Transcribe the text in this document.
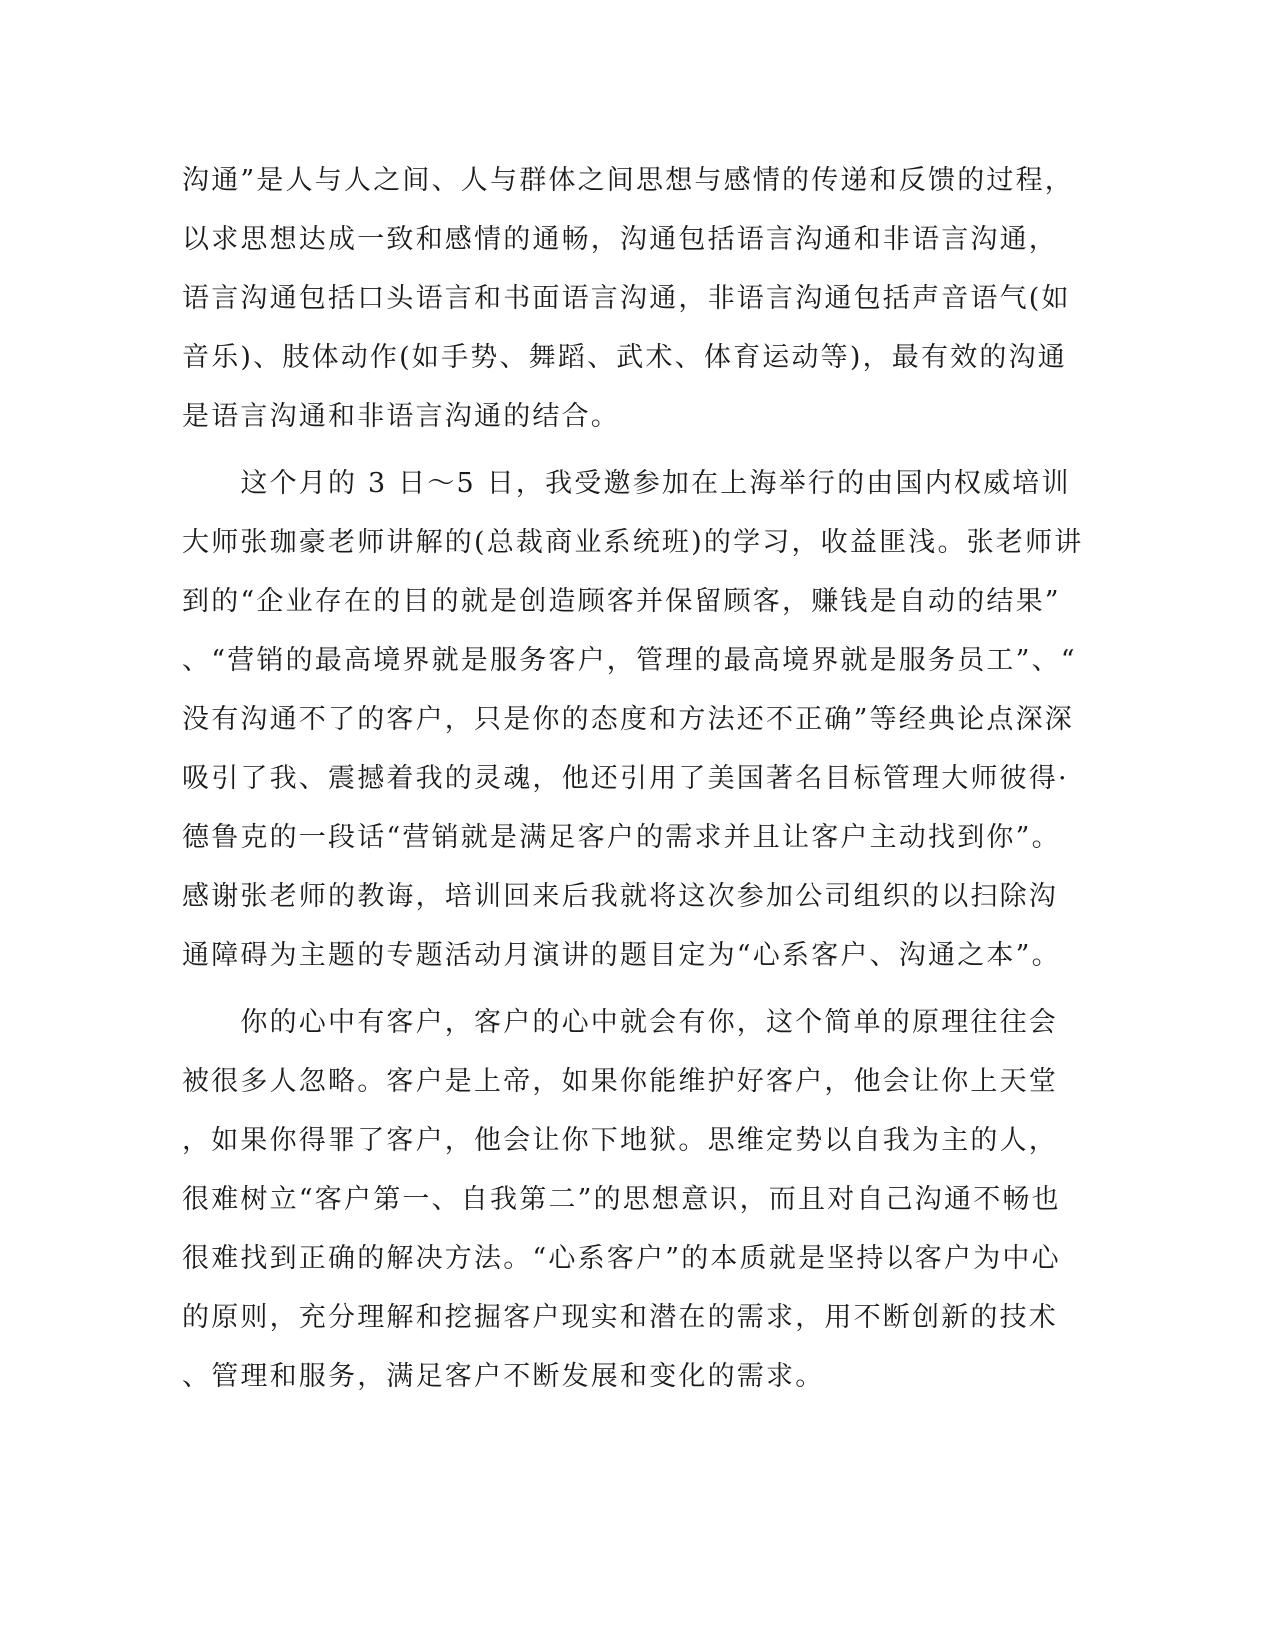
沟通”是人与人之间、人与群体之间思想与感情的传递和反馈的过程，
以求思想达成一致和感情的通畅，沟通包括语言沟通和非语言沟通，
语言沟通包括口头语言和书面语言沟通，非语言沟通包括声音语气(如
音乐)、肢体动作(如手势、舞蹈、武术、体育运动等)，最有效的沟通
是语言沟通和非语言沟通的结合。
　　这个月的 3 日～5 日，我受邀参加在上海举行的由国内权威培训
大师张珈豪老师讲解的(总裁商业系统班)的学习，收益匪浅。张老师讲
到的“企业存在的目的就是创造顾客并保留顾客，赚钱是自动的结果”
、“营销的最高境界就是服务客户，管理的最高境界就是服务员工”、“
没有沟通不了的客户，只是你的态度和方法还不正确”等经典论点深深
吸引了我、震撼着我的灵魂，他还引用了美国著名目标管理大师彼得·
德鲁克的一段话“营销就是满足客户的需求并且让客户主动找到你”。
感谢张老师的教诲，培训回来后我就将这次参加公司组织的以扫除沟
通障碍为主题的专题活动月演讲的题目定为“心系客户、沟通之本”。
　　你的心中有客户，客户的心中就会有你，这个简单的原理往往会
被很多人忽略。客户是上帝，如果你能维护好客户，他会让你上天堂
，如果你得罪了客户，他会让你下地狱。思维定势以自我为主的人，
很难树立“客户第一、自我第二”的思想意识，而且对自己沟通不畅也
很难找到正确的解决方法。“心系客户”的本质就是坚持以客户为中心
的原则，充分理解和挖掘客户现实和潜在的需求，用不断创新的技术
、管理和服务，满足客户不断发展和变化的需求。
